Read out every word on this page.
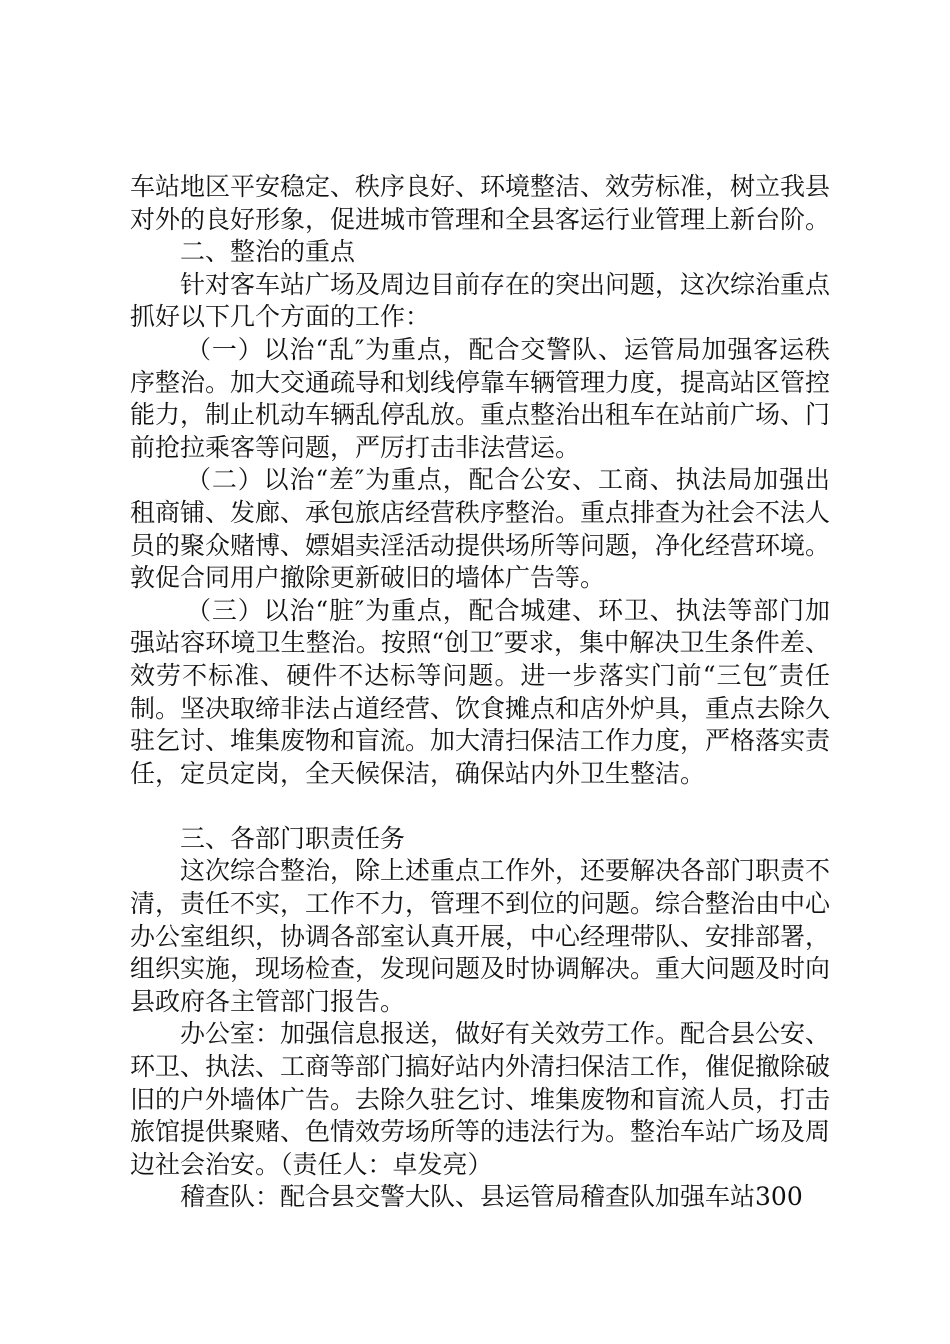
车站地区平安稳定、秩序良好、环境整洁、效劳标准，树立我县对外的良好形象，促进城市管理和全县客运行业管理上新台阶。

二、整治的重点

针对客车站广场及周边目前存在的突出问题，这次综治重点抓好以下几个方面的工作：

（一）以治“乱″为重点，配合交警队、运管局加强客运秩序整治。加大交通疏导和划线停靠车辆管理力度，提高站区管控能力，制止机动车辆乱停乱放。重点整治出租车在站前广场、门前抢拉乘客等问题，严厉打击非法营运。

（二）以治“差″为重点，配合公安、工商、执法局加强出租商铺、发廊、承包旅店经营秩序整治。重点排查为社会不法人员的聚众赌博、嫖娼卖淫活动提供场所等问题，净化经营环境。敦促合同用户撤除更新破旧的墙体广告等。

（三）以治“脏″为重点，配合城建、环卫、执法等部门加强站容环境卫生整治。按照“创卫″要求，集中解决卫生条件差、效劳不标准、硬件不达标等问题。进一步落实门前“三包″责任制。坚决取缔非法占道经营、饮食摊点和店外炉具，重点去除久驻乞讨、堆集废物和盲流。加大清扫保洁工作力度，严格落实责任，定员定岗，全天候保洁，确保站内外卫生整洁。

三、各部门职责任务

这次综合整治，除上述重点工作外，还要解决各部门职责不清，责任不实，工作不力，管理不到位的问题。综合整治由中心办公室组织，协调各部室认真开展，中心经理带队、安排部署，组织实施，现场检查，发现问题及时协调解决。重大问题及时向县政府各主管部门报告。

办公室：加强信息报送，做好有关效劳工作。配合县公安、环卫、执法、工商等部门搞好站内外清扫保洁工作，催促撤除破旧的户外墙体广告。去除久驻乞讨、堆集废物和盲流人员，打击旅馆提供聚赌、色情效劳场所等的违法行为。整治车站广场及周边社会治安。（责任人：卓发亮）

稽查队：配合县交警大队、县运管局稽查队加强车站300
